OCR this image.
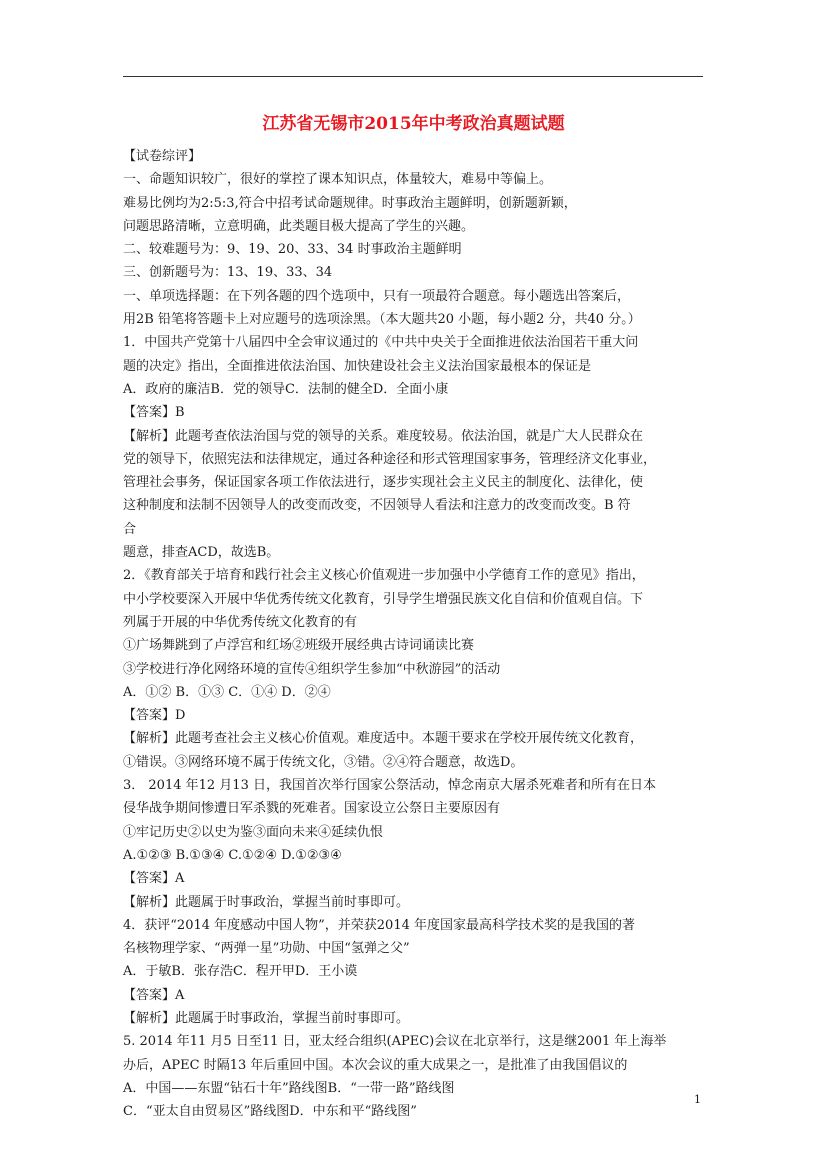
江苏省无锡市2015年中考政治真题试题
【试卷综评】
一、命题知识较广，很好的掌控了课本知识点，体量较大，难易中等偏上。
难易比例均为2:5:3,符合中招考试命题规律。时事政治主题鲜明，创新题新颖，
问题思路清晰，立意明确，此类题目极大提高了学生的兴趣。
二、较难题号为：9、19、20、33、34 时事政治主题鲜明
三、创新题号为：13、19、33、34
一、单项选择题：在下列各题的四个选项中，只有一项最符合题意。每小题选出答案后，
用2B 铅笔将答题卡上对应题号的选项涂黑。（本大题共20 小题，每小题2 分，共40 分。）
1．中国共产党第十八届四中全会审议通过的《中共中央关于全面推进依法治国若干重大问
题的决定》指出，全面推进依法治国、加快建设社会主义法治国家最根本的保证是
A．政府的廉洁B．党的领导C．法制的健全D．全面小康
【答案】B
【解析】此题考查依法治国与党的领导的关系。难度较易。依法治国，就是广大人民群众在
党的领导下，依照宪法和法律规定，通过各种途径和形式管理国家事务，管理经济文化事业，
管理社会事务，保证国家各项工作依法进行，逐步实现社会主义民主的制度化、法律化，使
这种制度和法制不因领导人的改变而改变，不因领导人看法和注意力的改变而改变。B 符
合
题意，排查ACD，故选B。
2．《教育部关于培育和践行社会主义核心价值观进一步加强中小学德育工作的意见》指出，
中小学校要深入开展中华优秀传统文化教育，引导学生增强民族文化自信和价值观自信。下
列属于开展的中华优秀传统文化教育的有
①广场舞跳到了卢浮宫和红场②班级开展经典古诗词诵读比赛
③学校进行净化网络环境的宣传④组织学生参加“中秋游园”的活动
A．①② B．①③ C．①④ D．②④
【答案】D
【解析】此题考查社会主义核心价值观。难度适中。本题干要求在学校开展传统文化教育，
①错误。③网络环境不属于传统文化，③错。②④符合题意，故选D。
3． 2014 年12 月13 日，我国首次举行国家公祭活动，悼念南京大屠杀死难者和所有在日本
侵华战争期间惨遭日军杀戮的死难者。国家设立公祭日主要原因有
①牢记历史②以史为鉴③面向未来④延续仇恨
A.①②③ B.①③④ C.①②④ D.①②③④
【答案】A
【解析】此题属于时事政治，掌握当前时事即可。
4．获评“2014 年度感动中国人物”，并荣获2014 年度国家最高科学技术奖的是我国的著
名核物理学家、“两弹一星”功勋、中国“氢弹之父”
A．于敏B．张存浩C．程开甲D．王小谟
【答案】A
【解析】此题属于时事政治，掌握当前时事即可。
5. 2014 年11 月5 日至11 日，亚太经合组织(APEC)会议在北京举行，这是继2001 年上海举
办后，APEC 时隔13 年后重回中国。本次会议的重大成果之一，是批准了由我国倡议的
A．中国——东盟“钻石十年”路线图B．“一带一路”路线图
C．“亚太自由贸易区”路线图D．中东和平“路线图”
1
